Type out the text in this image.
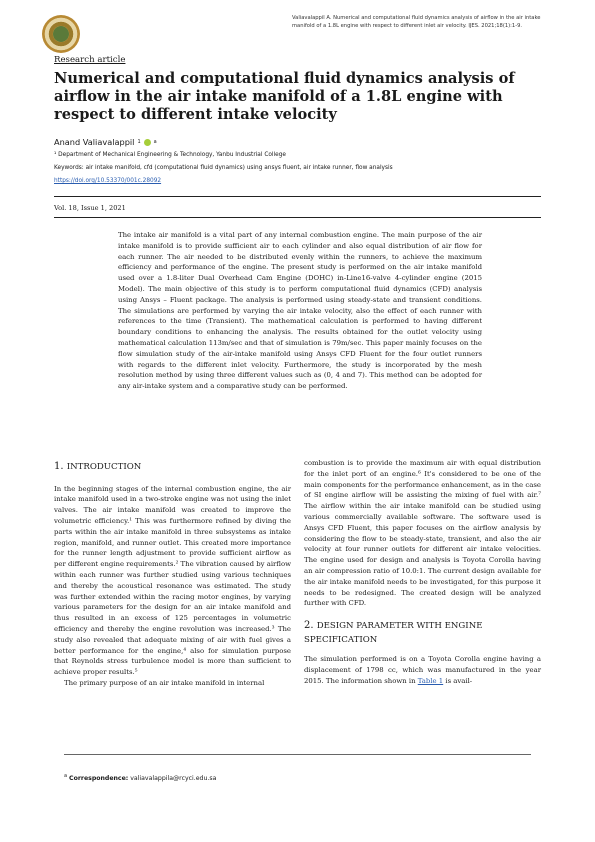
Valiavalappil A. Numerical and computational fluid dynamics analysis of airflow in the air intake manifold of a 1.8L engine with respect to different inlet air velocity. IJES. 2021;18(1):1-9.
Research article
Numerical and computational fluid dynamics analysis of airflow in the air intake manifold of a 1.8L engine with respect to different intake velocity
Anand Valiavalappil 1	a
¹ Department of Mechanical Engineering & Technology, Yanbu Industrial College
Keywords: air intake manifold, cfd (computational fluid dynamics) using ansys fluent, air intake runner, flow analysis
https://doi.org/10.53370/001c.28092
Vol. 18, Issue 1, 2021
The intake air manifold is a vital part of any internal combustion engine. The main purpose of the air intake manifold is to provide sufficient air to each cylinder and also equal distribution of air flow for each runner. The air needed to be distributed evenly within the runners, to achieve the maximum efficiency and performance of the engine. The present study is performed on the air intake manifold used over a 1.8-liter Dual Overhead Cam Engine (DOHC) in-Line16-valve 4-cylinder engine (2015 Model). The main objective of this study is to perform computational fluid dynamics (CFD) analysis using Ansys – Fluent package. The analysis is performed using steady-state and transient conditions. The simulations are performed by varying the air intake velocity, also the effect of each runner with references to the time (Transient). The mathematical calculation is performed to having different boundary conditions to enhancing the analysis. The results obtained for the outlet velocity using mathematical calculation 113m/sec and that of simulation is 79m/sec. This paper mainly focuses on the flow simulation study of the air-intake manifold using Ansys CFD Fluent for the four outlet runners with regards to the different inlet velocity. Furthermore, the study is incorporated by the mesh resolution method by using three different values such as (0, 4 and 7). This method can be adopted for any air-intake system and a comparative study can be performed.
1. INTRODUCTION

In the beginning stages of the internal combustion engine, the air intake manifold used in a two-stroke engine was not using the inlet valves. The air intake manifold was created to improve the volumetric efficiency.¹ This was furthermore refined by diving the parts within the air intake manifold in three subsystems as intake region, manifold, and runner outlet. This created more importance for the runner length adjustment to provide sufficient airflow as per different engine requirements.² The vibration caused by airflow within each runner was further studied using various techniques and thereby the acoustical resonance was estimated. The study was further extended within the racing motor engines, by varying various parameters for the design for an air intake manifold and thus resulted in an excess of 125 percentages in volumetric efficiency and thereby the engine revolution was increased.³ The study also revealed that adequate mixing of air with fuel gives a better performance for the engine,⁴ also for simulation purpose that Reynolds stress turbulence model is more than sufficient to achieve proper results.⁵

The primary purpose of an air intake manifold in internal

combustion is to provide the maximum air with equal distribution for the inlet port of an engine.⁶ It's considered to be one of the main components for the performance enhancement, as in the case of SI engine airflow will be assisting the mixing of fuel with air.⁷ The airflow within the air intake manifold can be studied using various commercially available software. The software used is Ansys CFD Fluent, this paper focuses on the airflow analysis by considering the flow to be steady-state, transient, and also the air velocity at four runner outlets for different air intake velocities. The engine used for design and analysis is Toyota Corolla having an air compression ratio of 10.0:1. The current design available for the air intake manifold needs to be investigated, for this purpose it needs to be redesigned. The created design will be analyzed further with CFD.

2. DESIGN PARAMETER WITH ENGINE
SPECIFICATION

The simulation performed is on a Toyota Corolla engine having a displacement of 1798 cc, which was manufactured in the year 2015. The information shown in Table 1 is avail-

$^a$ Correspondence: valiavalappila@rcyci.edu.sa
